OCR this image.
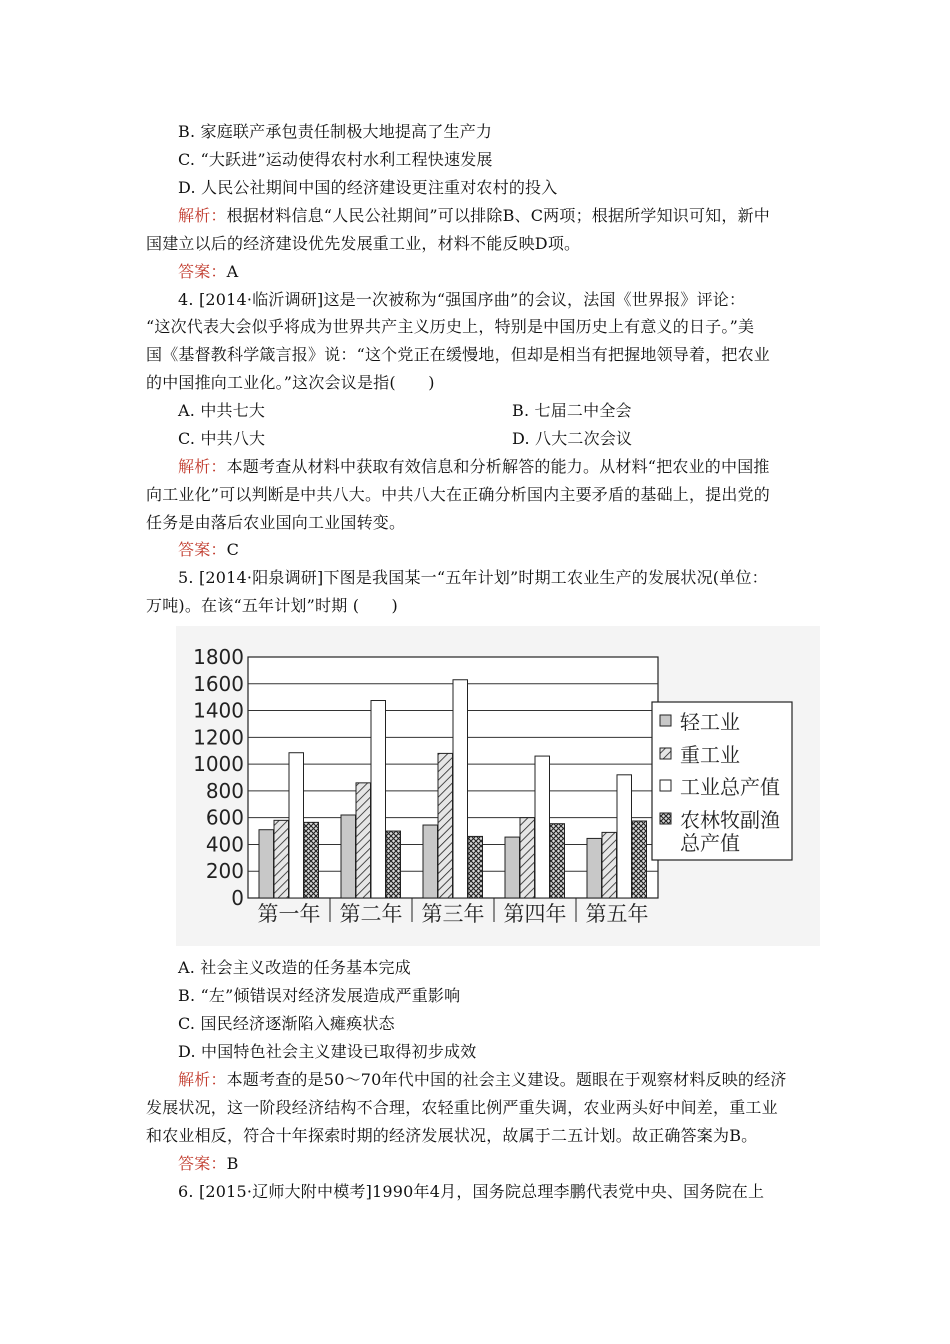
B. 家庭联产承包责任制极大地提高了生产力
C. “大跃进”运动使得农村水利工程快速发展
D. 人民公社期间中国的经济建设更注重对农村的投入
解析：根据材料信息“人民公社期间”可以排除B、C两项；根据所学知识可知，新中
国建立以后的经济建设优先发展重工业，材料不能反映D项。
答案：A
4. [2014·临沂调研]这是一次被称为“强国序曲”的会议，法国《世界报》评论：
“这次代表大会似乎将成为世界共产主义历史上，特别是中国历史上有意义的日子。”美
国《基督教科学箴言报》说：“这个党正在缓慢地，但却是相当有把握地领导着，把农业
的中国推向工业化。”这次会议是指(　　)
A. 中共七大	B. 七届二中全会
C. 中共八大	D. 八大二次会议
解析：本题考查从材料中获取有效信息和分析解答的能力。从材料“把农业的中国推
向工业化”可以判断是中共八大。中共八大在正确分析国内主要矛盾的基础上，提出党的
任务是由落后农业国向工业国转变。
答案：C
5. [2014·阳泉调研]下图是我国某一“五年计划”时期工农业生产的发展状况(单位：
万吨)。在该“五年计划”时期 (　　)
0
200
400
600
800
1000
1200
1400
1600
1800
第一年 第二年 第三年 第四年 第五年
轻工业
重工业
工业总产值
农林牧副渔
总产值
A. 社会主义改造的任务基本完成
B. “左”倾错误对经济发展造成严重影响
C. 国民经济逐渐陷入瘫痪状态
D. 中国特色社会主义建设已取得初步成效
解析：本题考查的是50～70年代中国的社会主义建设。题眼在于观察材料反映的经济
发展状况，这一阶段经济结构不合理，农轻重比例严重失调，农业两头好中间差，重工业
和农业相反，符合十年探索时期的经济发展状况，故属于二五计划。故正确答案为B。
答案：B
6. [2015·辽师大附中模考]1990年4月，国务院总理李鹏代表党中央、国务院在上
